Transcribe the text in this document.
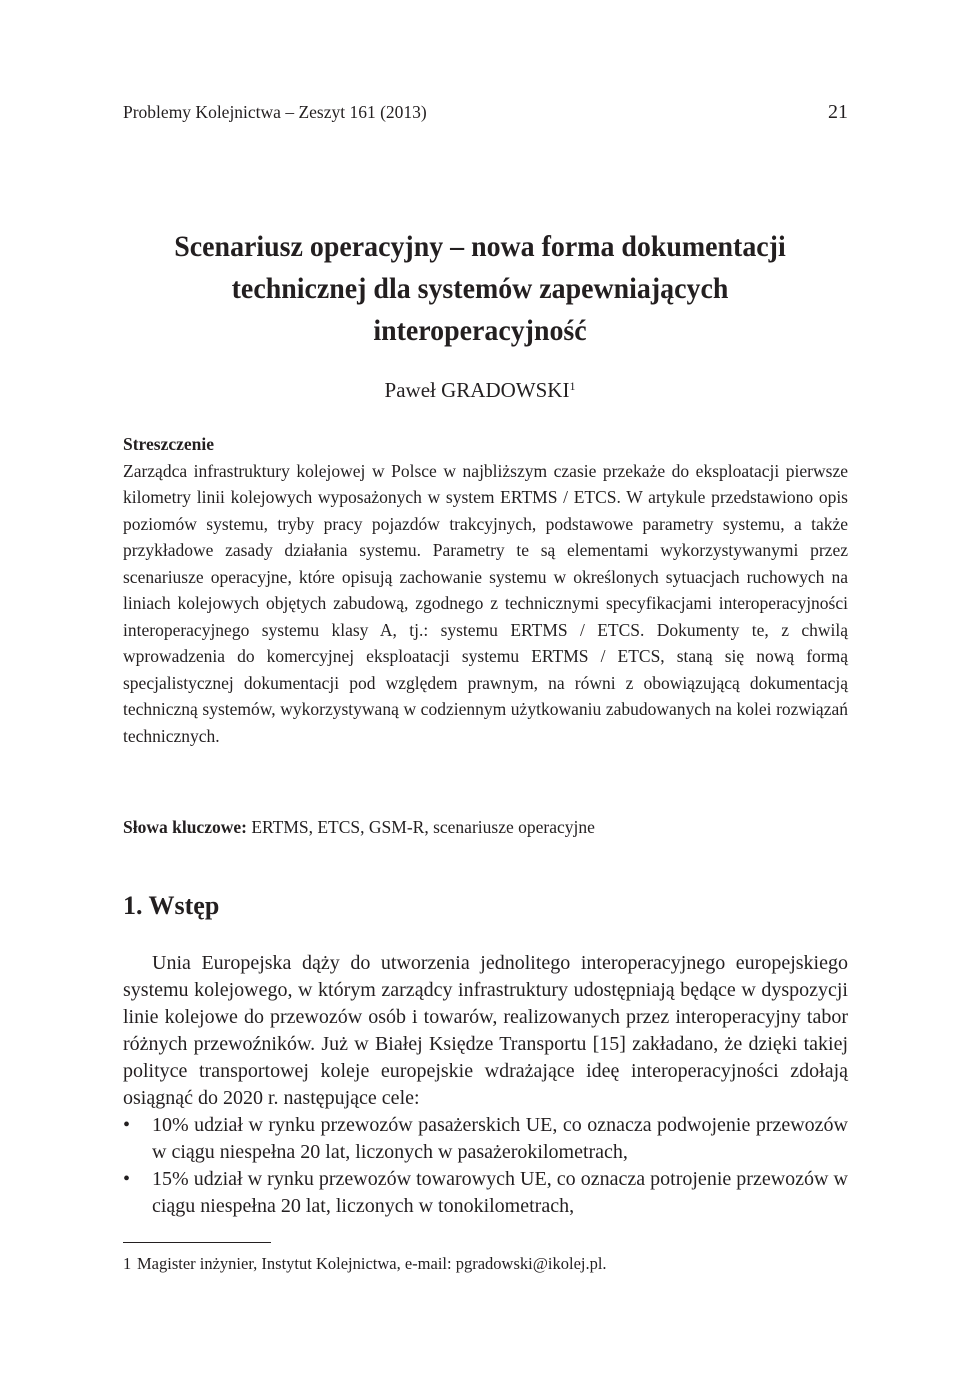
Problemy Kolejnictwa – Zeszyt 161 (2013)	21
Scenariusz operacyjny – nowa forma dokumentacji
technicznej dla systemów zapewniających
interoperacyjność
Paweł GRADOWSKI$^1$
Streszczenie
Zarządca infrastruktury kolejowej w Polsce w najbliższym czasie przekaże do eksploatacji pierwsze kilometry linii kolejowych wyposażonych w system ERTMS / ETCS. W artykule przedstawiono opis poziomów systemu, tryby pracy pojazdów trakcyjnych, podstawowe parametry systemu, a także przykładowe zasady działania systemu. Parametry te są elementami wykorzystywanymi przez scenariusze operacyjne, które opisują zachowanie systemu w określonych sytuacjach ruchowych na liniach kolejowych objętych zabudową, zgodnego z technicznymi specyfikacjami interoperacyjności interoperacyjnego systemu klasy A, tj.: systemu ERTMS / ETCS. Dokumenty te, z chwilą wprowadzenia do komercyjnej eksploatacji systemu ERTMS / ETCS, staną się nową formą specjalistycznej dokumentacji pod względem prawnym, na równi z obowiązującą dokumentacją techniczną systemów, wykorzystywaną w codziennym użytkowaniu zabudowanych na kolei rozwiązań technicznych.
Słowa kluczowe: ERTMS, ETCS, GSM-R, scenariusze operacyjne
1. Wstęp
Unia Europejska dąży do utworzenia jednolitego interoperacyjnego europejskiego systemu kolejowego, w którym zarządcy infrastruktury udostępniają będące w dyspozycji linie kolejowe do przewozów osób i towarów, realizowanych przez interoperacyjny tabor różnych przewoźników. Już w Białej Księdze Transportu [15] zakładano, że dzięki takiej polityce transportowej koleje europejskie wdrażające ideę interoperacyjności zdołają osiągnąć do 2020 r. następujące cele:
• 10% udział w rynku przewozów pasażerskich UE, co oznacza podwojenie przewozów w ciągu niespełna 20 lat, liczonych w pasażerokilometrach,
• 15% udział w rynku przewozów towarowych UE, co oznacza potrojenie przewozów w ciągu niespełna 20 lat, liczonych w tonokilometrach,
1 Magister inżynier, Instytut Kolejnictwa, e-mail: pgradowski@ikolej.pl.
